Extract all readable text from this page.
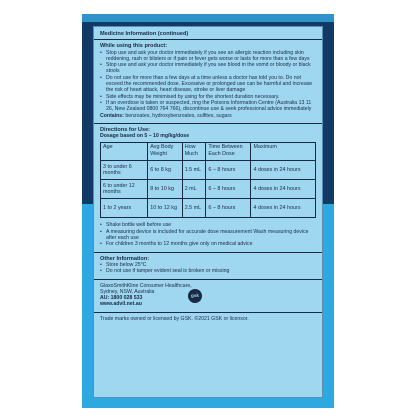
Medicine Information (continued)
While using this product:
• Stop use and ask your doctor immediately if you see an allergic reaction including skin reddening, rash or blisters or if pain or fever gets worse or lasts for more than a few days
• Stop use and ask your doctor immediately if you see blood in the vomit or bloody or black stools
• Do not use for more than a few days at a time unless a doctor has told you to. Do not exceed the recommended dose. Excessive or prolonged use can be harmful and increase the risk of heart attack, heart disease, stroke or liver damage
• Side effects may be minimised by using for the shortest duration necessary.
• If an overdose is taken or suspected, ring the Poisons Information Centre (Australia 13 11 26, New Zealand 0800 764 766), discontinue use & seek professional advice immediately
Contains: benzoates, hydroxybenzoates, sulfites, sugars
Directions for Use:
Dosage based on 5 – 10 mg/kg/dose
Age	Avg Body Weight	How Much	Time Between Each Dose	Maximum
3 to under 6 months	6 to 8 kg	1.5 mL	6 – 8 hours	4 doses in 24 hours
6 to under 12 months	8 to 10 kg	2 mL	6 – 8 hours	4 doses in 24 hours
1 to 2 years	10 to 12 kg	2.5 mL	6 – 8 hours	4 doses in 24 hours
• Shake bottle well before use
• A measuring device is included for accurate dose measurement Wash measuring device after each use
• For children 3 months to 12 months give only on medical advice
Other Information:
• Store below 25°C
• Do not use if tamper evident seal is broken or missing
GlaxoSmithKline Consumer Healthcare,
Sydney, NSW, Australia
AU: 1800 028 533
www.advil.net.au
gsk
Trade marks owned or licensed by GSK. ©2021 GSK or licensor.
